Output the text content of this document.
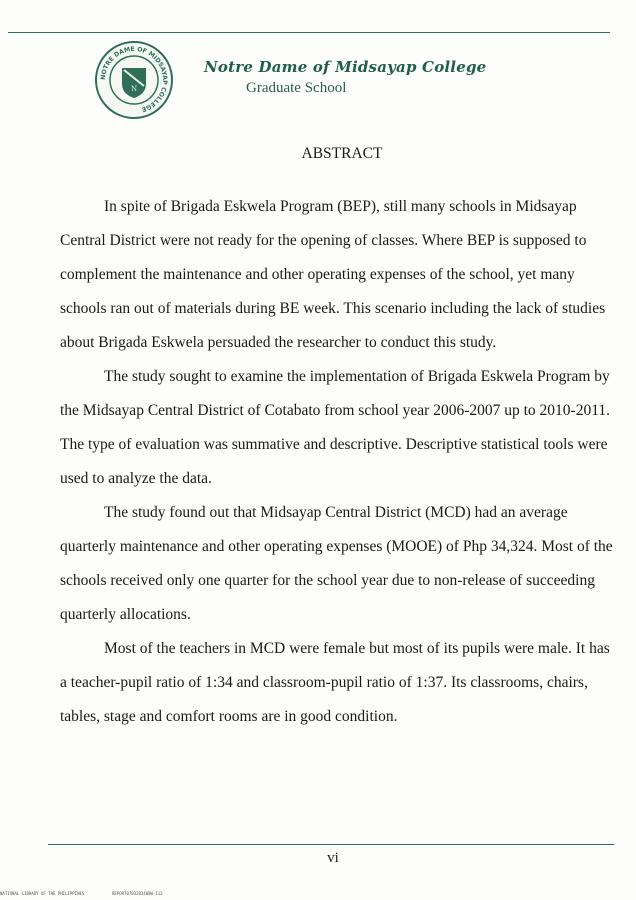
NOTRE DAME OF MIDSAYAP COLLEGE
N
Notre Dame of Midsayap College
Graduate School
ABSTRACT

In spite of Brigada Eskwela Program (BEP), still many schools in Midsayap Central District were not ready for the opening of classes. Where BEP is supposed to complement the maintenance and other operating expenses of the school, yet many schools ran out of materials during BE week. This scenario including the lack of studies about Brigada Eskwela persuaded the researcher to conduct this study.

The study sought to examine the implementation of Brigada Eskwela Program by the Midsayap Central District of Cotabato from school year 2006-2007 up to 2010-2011. The type of evaluation was summative and descriptive. Descriptive statistical tools were used to analyze the data.

The study found out that Midsayap Central District (MCD) had an average quarterly maintenance and other operating expenses (MOOE) of Php 34,324. Most of the schools received only one quarter for the school year due to non-release of succeeding quarterly allocations.

Most of the teachers in MCD were female but most of its pupils were male. It has a teacher-pupil ratio of 1:34 and classroom-pupil ratio of 1:37. Its classrooms, chairs, tables, stage and comfort rooms are in good condition.

vi
NATIONAL LIBRARY OF THE PHILIPPINES	REPORT0703201408W-112
